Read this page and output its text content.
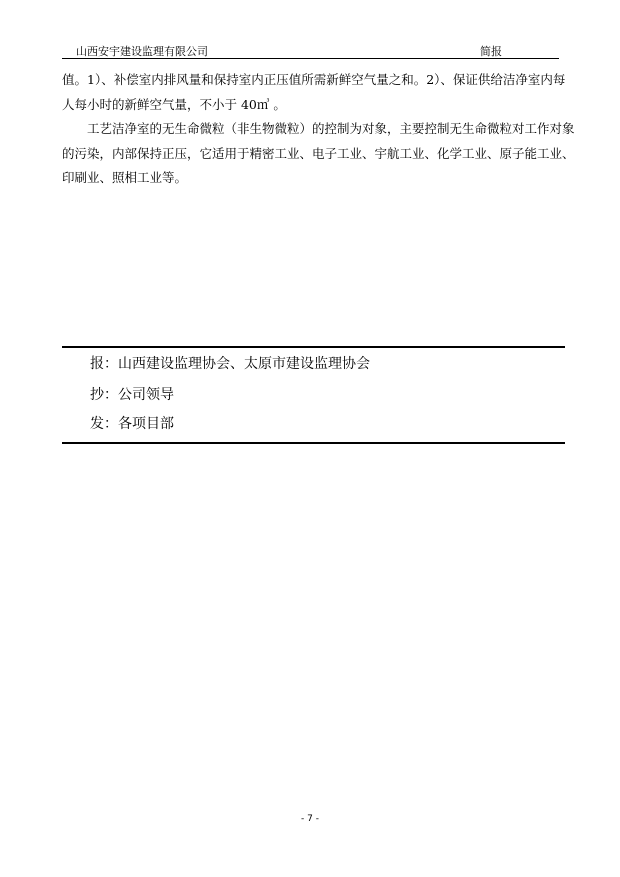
山西安宇建设监理有限公司	简报

值。1）、补偿室内排风量和保持室内正压值所需新鲜空气量之和。2）、保证供给洁净室内每

人每小时的新鲜空气量，不小于 40㎥ 。

工艺洁净室的无生命微粒（非生物微粒）的控制为对象，主要控制无生命微粒对工作对象

的污染，内部保持正压，它适用于精密工业、电子工业、宇航工业、化学工业、原子能工业、

印刷业、照相工业等。

报：山西建设监理协会、太原市建设监理协会
抄：公司领导
发：各项目部
- 7 -
